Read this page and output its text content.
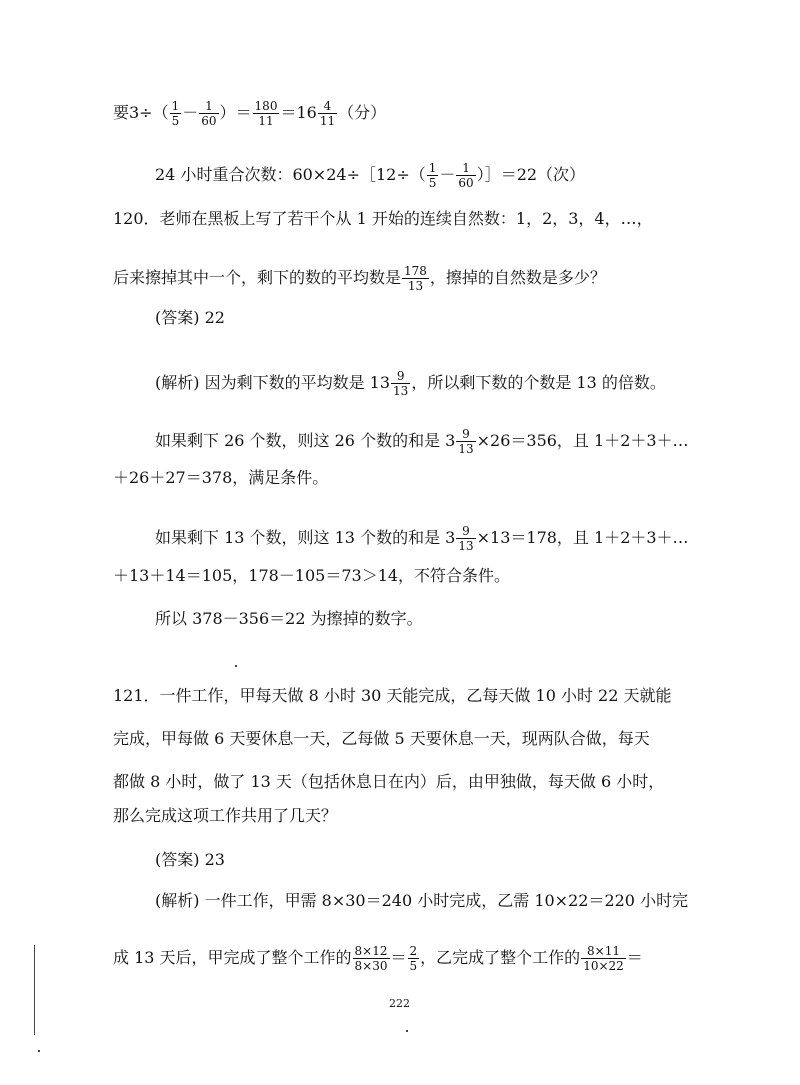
要$3\div( \frac{1}{5} - \frac{1}{60}$ ）＝ $\frac{180}{11} =16 \frac{4}{11}$ （分）
24 小时重合次数：60×24÷［12÷（ $\frac{1}{5} - \frac{1}{60}$ ）］＝22（次）
120．老师在黑板上写了若干个从 1 开始的连续自然数：1，2，3，4，…，
后来擦掉其中一个，剩下的数的平均数是 $\frac{178}{13}$ ，擦掉的自然数是多少？
(答案) 22
(解析) 因为剩下数的平均数是 $13 \frac{9}{13}$ ，所以剩下数的个数是 13 的倍数。
如果剩下 26 个数，则这 26 个数的和是 $3 \frac{9}{13} \times 26=356$，且 1＋2＋3＋…
＋26＋27＝378，满足条件。
如果剩下 13 个数，则这 13 个数的和是 $3 \frac{9}{13} \times 13=178$，且 1＋2＋3＋…
＋13＋14＝105，178－105＝73＞14，不符合条件。
所以 378－356＝22 为擦掉的数字。
121．一件工作，甲每天做 8 小时 30 天能完成，乙每天做 10 小时 22 天就能
完成，甲每做 6 天要休息一天，乙每做 5 天要休息一天，现两队合做，每天
都做 8 小时，做了 13 天（包括休息日在内）后，由甲独做，每天做 6 小时，
那么完成这项工作共用了几天？
(答案) 23
(解析) 一件工作，甲需 8×30＝240 小时完成，乙需 10×22＝220 小时完
成 13 天后，甲完成了整个工作的 $\frac{8\times 12}{8\times 30} = \frac{2}{5}$ ，乙完成了整个工作的 $\frac{8\times 11}{10\times 22}$ ＝
222
